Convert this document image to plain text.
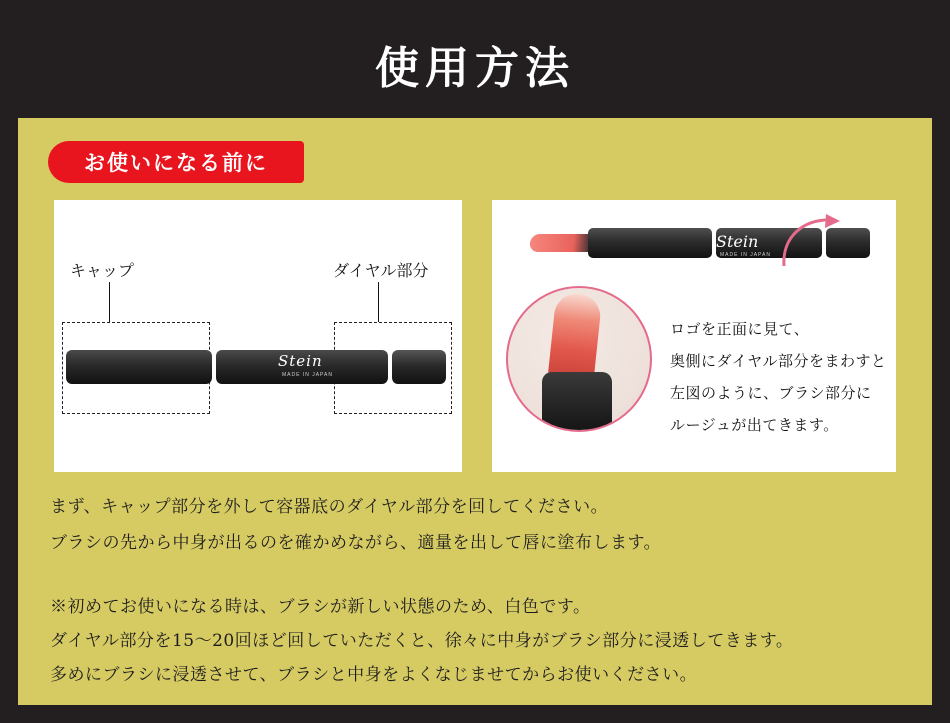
使用方法
お使いになる前に
キャップ	ダイヤル部分
Stein
MADE IN JAPAN
Stein
MADE IN JAPAN
ロゴを正面に見て、
奥側にダイヤル部分をまわすと
左図のように、ブラシ部分に
ルージュが出てきます。
まず、キャップ部分を外して容器底のダイヤル部分を回してください。
ブラシの先から中身が出るのを確かめながら、適量を出して唇に塗布します。
※初めてお使いになる時は、ブラシが新しい状態のため、白色です。
ダイヤル部分を15〜20回ほど回していただくと、徐々に中身がブラシ部分に浸透してきます。
多めにブラシに浸透させて、ブラシと中身をよくなじませてからお使いください。
